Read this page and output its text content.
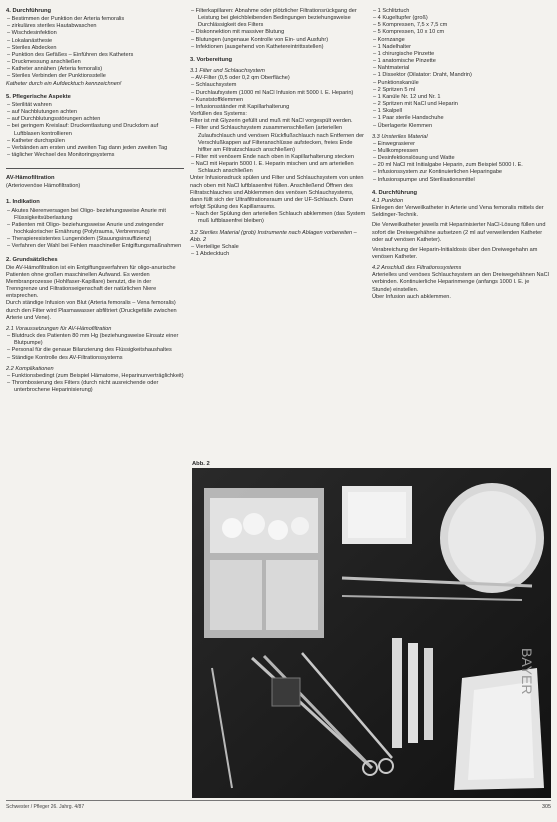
4. Durchführung
– Bestimmen der Punktion der Arteria femoralis
– zirkuläres steriles Hautabwaschen
– Wischdesinfektion
– Lokalanästhesie
– Steriles Abdecken
– Punktion des Gefäßes – Einführen des Katheters
– Druckmessung anschließen
– Katheter annähen (Arteria femoralis)
– Steriles Verbinden der Punktionsstelle

Katheter durch ein Aufdecktuch kennzeichnen!

5. Pflegerische Aspekte
– Sterilität wahren
– auf Nachblutungen achten
– auf Durchblutungsstörungen achten
– bei geringem Kreislauf: Druckentlastung und Druckdom auf Luftblasen kontrollieren
– Katheter durchspülen
– Verbänden am ersten und zweiten Tag dann jeden zweiten Tag
– täglicher Wechsel des Monitoringsystems
AV-Hämofiltration

(Arteriovenöse Hämofiltration)

1. Indikation
– Akutes Nierenversagen bei Oligo- beziehungsweise Anurie mit Flüssigkeitsüberlastung
– Patienten mit Oligo- beziehungsweise Anurie und zwingender hochkalorischer Ernährung (Polytrauma, Verbrennung)
– Therapieresistentes Lungenödem (Stauungsinsuffizienz)
– Verfahren der Wahl bei Fehlen maschineller Entgiftungsmaßnahmen
2. Grundsätzliches

Die AV-Hämofiltration ist ein Entgiftungsverfahren für oligo-anurische Patienten ohne großen maschinellen Aufwand. Es werden Membranprozesse (Hohlfaser-Kapillare) benutzt, die in der Trenngrenze und Filtrationseigenschaft der natürlichen Niere entsprechen.

Durch ständige Infusion von Blut (Arteria femoralis – Vena femoralis) durch den Filter wird Plasmawasser abfiltriert (Druckgefälle zwischen Arterie und Vene).

2.1 Voraussetzungen für AV-Hämofiltration
– Blutdruck des Patienten 80 mm Hg (beziehungsweise Einsatz einer Blutpumpe)
– Personal für die genaue Bilanzierung des Flüssigkeitshaushaltes
– Ständige Kontrolle des AV-Filtrationssystems
2.2 Komplikationen
– Funktionsbedingt (zum Beispiel Hämatome, Heparinunverträglichkeit)
– Thrombosierung des Filters (durch nicht ausreichende oder unterbrochene Heparinisierung)
– Filterkapillaren: Abnahme oder plötzlicher Filtrationsrückgang der Leistung bei gleichbleibenden Bedingungen beziehungsweise Durchlässigkeit des Filters
– Diskonnektion mit massiver Blutung
– Blutungen (ungenaue Kontrolle von Ein- und Ausfuhr)
– Infektionen (ausgehend von Kathetereintrittsstellen)
3. Vorbereitung
3.1 Filter und Schlauchsystem
– AV-Filter (0,5 oder 0,2 qm Oberfläche)
– Schlauchsystem
– Durchlaufsystem (1000 ml NaCl Infusion mit 5000 I. E. Heparin)
– Kunststoffklemmen
– Infusionsständer mit Kapillarhalterung

Vorfüllen des Systems:

Filter ist mit Glyzerin gefüllt und muß mit NaCl vorgespült werden.

– Filter und Schlauchsystem zusammenschließen (arteriellen Zulaufschlauch und venösen Rückflußschlauch nach Entfernen der Verschlußkappen auf Filteranschlüsse aufstecken, freies Ende hiflter am Filtratzschlauch anschließen)
– Filter mit venösem Ende nach oben in Kapillarhalterung stecken
– NaCl mit Heparin 5000 I. E. Heparin mischen und am arteriellen Schlauch anschließen

Unter Infusionsdruck spülen und Filter und Schlauchsystem von unten nach oben mit NaCl luftblasenfrei füllen. Anschließend Öffnen des Filtratschlauches und Abklemmen des venösen Schlauchsystems, dann füllt sich der Ultrafiltrationsraum und der UF-Schlauch. Dann erfolgt Spülung des Kapillarraums.

– Nach der Spülung den arteriellen Schlauch abklemmen (das System muß luftblasenfrei bleiben)
3.2 Steriles Material (grob) Instrumente nach Ablagen vorbereiten – Abb. 2
– Vierteilige Schale
– 1 Abdecktuch
– 1 Schlitztuch
– 4 Kugeltupfer (groß)
– 5 Kompressen, 7,5 x 7,5 cm
– 5 Kompressen, 10 x 10 cm
– Kornzange
– 1 Nadelhalter
– 1 chirurgische Pinzette
– 1 anatomische Pinzette
– Nahtmaterial
– 1 Dissektor (Dilatator: Draht, Mandrin)
– Punktionskanüle
– 2 Spritzen 5 ml
– 1 Kanüle Nr. 12 und Nr. 1
– 2 Spritzen mit NaCl und Heparin
– 1 Skalpell
– 1 Paar sterile Handschuhe
– Überlagerte Klemmen
3.3 Unsteriles Material
– Einwegrasierer
– Mullkompressen
– Desinfektionslösung und Watte
– 20 ml NaCl mit Initialgabe Heparin, zum Beispiel 5000 I. E.
– Infusionssystem zur Kontinuierlichen Heparingabe
– Infusionspumpe und Sterilisationsmittel
4. Durchführung
4.1 Punktion

Einlegen der Verweilkatheter in Arterie und Vena femoralis mittels der Seldinger-Technik.

Die Verweilkatheter jeweils mit Heparinisierter NaCl-Lösung füllen und sofort die Dreiwegehähne aufsetzen (2 ml auf verweilenden Katheter oder auf venösen Katheter).

Verabreichung der Heparin-Initialdosis über den Dreiwegehahn am venösen Katheter.

4.2 Anschluß des Filtrationssystems

Arterielles und venöses Schlauchsystem an den Dreiwegehähnen NaCl verbinden. Kontinuierliche Heparinmenge (anfangs 1000 I. E. je Stunde) einstellen.

Über Infusion auch abklemmen.

Abb. 2
BAYER
Schwester / Pfleger 26. Jahrg. 4/87	305
